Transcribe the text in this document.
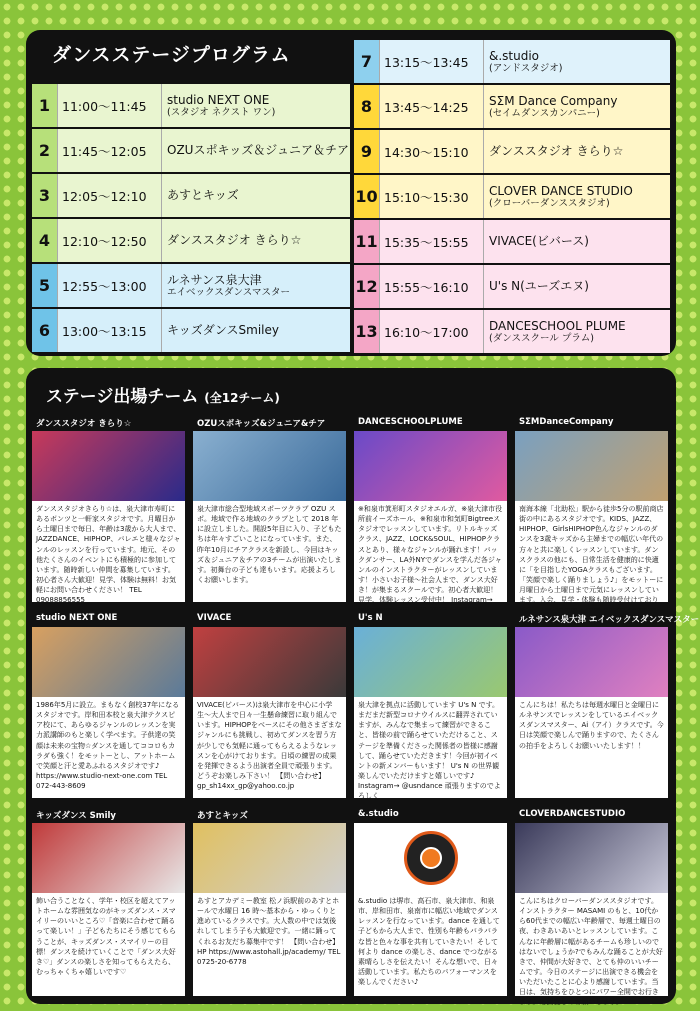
ダンスステージプログラム
1 11:00～11:45	studio NEXT ONE
(スタジオ ネクスト ワン)
2 11:45～12:05	OZUスポキッズ＆ジュニア＆チア
3 12:05～12:10	あすとキッズ
4 12:10～12:50	ダンススタジオ きらり☆
5 12:55～13:00	ルネサンス泉大津
エイベックスダンスマスター
6 13:00～13:15	キッズダンスSmiley
7 13:15～13:45	&.studio
(アンドスタジオ)
8 13:45～14:25	SΣM Dance Company
(セイムダンスカンパニー)
9 14:30～15:10	ダンススタジオ きらり☆
10 15:10～15:30	CLOVER DANCE STUDIO
(クローバーダンススタジオ)
11 15:35～15:55	VIVACE(ビバース)
12 15:55～16:10	U's N(ユーズエヌ)
13 16:10～17:00	DANCESCHOOL PLUME
(ダンススクール プラム)
ステージ出場チーム (全12チーム)
ダンススタジオ きらり☆
ダンススタジオきらり☆は、泉大津市寿町にあるボンツと一軒家スタジオです。月曜日から土曜日まで毎日、年齢は3歳から大人まで、JAZZDANCE、HIPHOP、バレエと様々なジャンルのレッスンを行っています。地元、その他たくさんのイベントにも積極的に参加しています。随時新しい仲間を募集しています。初心者さん大歓迎！見学、体験は無料！お気軽にお問い合わせください！ TEL 09088856555
OZUスポキッズ&ジュニア&チア
泉大津市総合型地域スポーツクラブ OZU スポ。地域で作る地域のクラブとして 2018 年に設立しました。開設5年目に入り、子どもたちは年々すごいことになっています。また、昨年10月にチアクラスを新設し、今回はキッズ＆ジュニア＆チアの3チームが出演いたします。初舞台の子ども達もいます。応援よろしくお願いします。
DANCESCHOOLPLUME
※和泉市箕形町スタジオエルガ、※泉大津市役所前イーズホール、※和泉市和気町Bigtreeスタジオでレッスンしています。リトルキッズクラス、JAZZ、LOCK&SOUL、HIPHOPクラスとあり、様々なジャンルが踊れます！バックダンサー、LA外NYでダンスを学んだ各ジャンルのインストラクターがレッスンしています！小さいお子様〜社会人まで、ダンス大好き！が集まるスクールです。初心者大歓迎！見学、体験レッスン受付中！ Instagram→
SΣMDanceCompany
南海本線「北助松」駅から徒歩5分の駅前商店街の中にあるスタジオです。KIDS、JAZZ、HIPHOP、GirlsHIPHOP色んなジャンルのダンスを3歳キッズから主婦までの幅広い年代の方々と共に楽しくレッスンしています。ダンスクラスの他にも、日常生活を健康的に快適に「を目指したYOGAクラスもございます。「笑顔で楽しく踊りましょう♪」をモットーに月曜日から土曜日まで元気にレッスンしています。入会、見学・体験も随時受付けており
studio NEXT ONE
1986年5月に設立。まもなく創校37年になるスタジオです。岸和田本校と泉大津テクスピア校にて、あらゆるジャンルのレッスンを実力派講師のもと楽しく学べます。子供達の笑顔は未来の宝物☆ダンスを通してココロもカラダも強く！をモットーとし、アットホームで笑顔と汗と愛あふれるスタジオです♪ https://www.studio-next-one.com TEL 072-443-8609
VIVACE
VIVACE(ビバース)は泉大津市を中心に小学生〜大人まで日々一生懸命練習に取り組んでいます。HIPHOPをベースにその他さまざまなジャンルにも挑戦し、初めてダンスを習う方が少しでも気軽に通ってもらえるようなレッスンを心がけております。日頃の練習の成果を発揮できるよう出演者全員で頑張ります。どうぞお楽しみ下さい！ 【問い合わせ】gp_sh14xx_gp@yahoo.co.jp
U's N
泉大津を拠点に活動しています U's N です。まだまだ新型コロナウイルスに翻弄されていますが、みんなで集まって練習ができること、皆様の前で踊らせていただけること、ステージを準備くださった関係者の皆様に感謝して、踊らせていただきます！今回が初イベントの新メンバーもいます！ U's N の世界観楽しんでいただけますと嬉しいです♪ Instagram→ @usndance 頑張りますのでよろしく
ルネサンス泉大津 エイベックスダンスマスター
こんにちは！私たちは毎週水曜日と金曜日にルネサンスでレッスンをしているエイベックスダンスマスター、Ai（アイ）クラスです。今日は笑顔で楽しんで踊りますので、たくさんの拍手をよろしくお願いいたします！！
キッズダンス Smily
飾い合うことなく、学年・校区を超えてアットホームな雰囲気なのがキッズダンス・スマイリーのいいところ♡「音楽に合わせて踊るって楽しい！」子どもたちにそう感じてもらうことが、キッズダンス・スマイリーの目標！ダンスを続けていくことで「ダンス大好き♡」ダンスの楽しさを知ってもらえたら、むっちゃくちゃ嬉しいです♡
あすとキッズ
あすとアカデミー教室 松ノ浜駅前のあすとホールで水曜日 16 時〜基本から・ゆっくりと進めているクラスです。大人数の中では気後れしてしまう子も大歓迎です。一緒に踊ってくれるお友だち募集中です！ 【問い合わせ】 HP https://www.astohall.jp/academy/ TEL 0725-20-6778
&.studio
&.studio は堺市、高石市、泉大津市、和泉市、岸和田市、泉南市に幅広い地域でダンスレッスンを行なっています。dance を通して子どもから大人まで、性別も年齢もバラバラな皆と色々な事を共有していきたい！そして何より dance の楽しさ、dance でつながる素晴らしさを伝えたい！そんな想いで、日々活動しています。私たちのパフォーマンスを楽しんでください♪
CLOVERDANCESTUDIO
こんにちはクローバーダンススタジオです。インストラクター MASAMI のもと、10代から60代までの幅広い年齢層で、毎週土曜日の夜、わきあいあいとレッスンしています。こんなに年齢層に幅があるチームも珍しいのではないでしょうか?でもみんな踊ることが大好きで、仲間が大好きで、とても仲のいいチームです。今日のステージに出演できる機会をいただいたことに心より感謝しています。当日は、気持ちをひとつにパワー全開でお行きます。応援宜しくお願いします。
